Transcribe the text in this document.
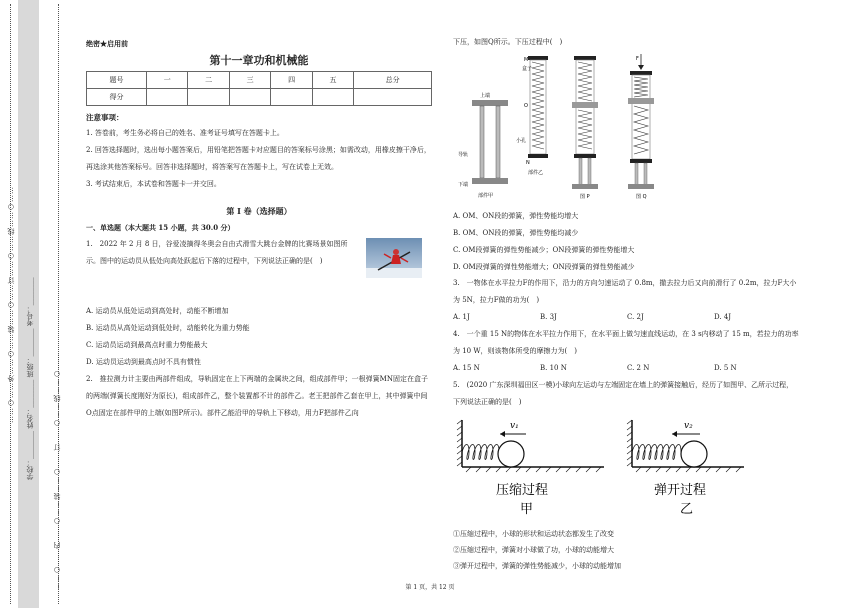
……○……外……○……装……○……订……○……线……○…… 学校：________ 姓名：________ 班级：________ 考号：________	……○……内……○……装……○……订……○……线……○……
绝密★启用前
第十一章功和机械能
题号	一	二	三	四	五	总分
得分						
注意事项：
1. 答卷前，考生务必将自己的姓名、准考证号填写在答题卡上。
2. 回答选择题时，选出每小题答案后，用铅笔把答题卡对应题目的答案标号涂黑；如需改动，用橡皮擦干净后，再选涂其他答案标号。回答非选择题时，将答案写在答题卡上，写在试卷上无效。
3. 考试结束后，本试卷和答题卡一并交回。
第 I 卷（选择题）
一、单选题（本大题共 15 小题，共 30.0 分）
1.　2022 年 2 月 8 日，谷爱凌摘得冬奥会自由式滑雪大跳台金牌的比赛场景如图所示。图中的运动员从低处向高处跃起后下落的过程中，下列说法正确的是(　)
A. 运动员从低处运动到高处时，动能不断增加
B. 运动员从高处运动到低处时，动能转化为重力势能
C. 运动员运动到最高点时重力势能最大
D. 运动员运动到最高点时不具有惯性
2.　推拉测力计主要由两部件组成，导轨固定在上下两端的金属块之间，组成部件甲；一根弹簧MN固定在盒子的两端(弹簧长度刚好为原长)，组成部件乙，整个装置都不计的部件乙。老王把部件乙套在甲上，其中弹簧中间O点固定在部件甲的上端(如图P所示)。部件乙能沿甲的导轨上下移动，用力F把部件乙向
下压，如图Q所示。下压过程中(　)
上端
导轨
下端
部件甲
M
盒子
O
小孔
N
部件乙
图 P
F
图 Q
A. OM、ON段的弹簧，弹性势能均增大
B. OM、ON段的弹簧，弹性势能均减少
C. OM段弹簧的弹性势能减少；ON段弹簧的弹性势能增大
D. OM段弹簧的弹性势能增大；ON段弹簧的弹性势能减少
3.　一物体在水平拉力F的作用下，沿力的方向匀速运动了 0.8m，撤去拉力后又向前滑行了 0.2m，拉力F大小为 5N，拉力F做的功为(　)
A. 1J	B. 3J	C. 2J	D. 4J
4.　一个重 15 N的物体在水平拉力作用下，在水平面上做匀速直线运动，在 3 s内移动了 15 m，若拉力的功率为 10 W，则该物体所受的摩擦力为(　)
A. 15 N	B. 10 N	C. 2 N	D. 5 N
5.　(2020 广东深圳福田区一模)小球向左运动与左端固定在墙上的弹簧接触后，经历了如图甲、乙所示过程，下列说法正确的是(　)
v₁
压缩过程
甲
v₂
弹开过程
乙
①压缩过程中，小球的形状和运动状态都发生了改变
②压缩过程中，弹簧对小球做了功，小球的动能增大
③弹开过程中，弹簧的弹性势能减少，小球的动能增加
第 1 页，共 12 页
